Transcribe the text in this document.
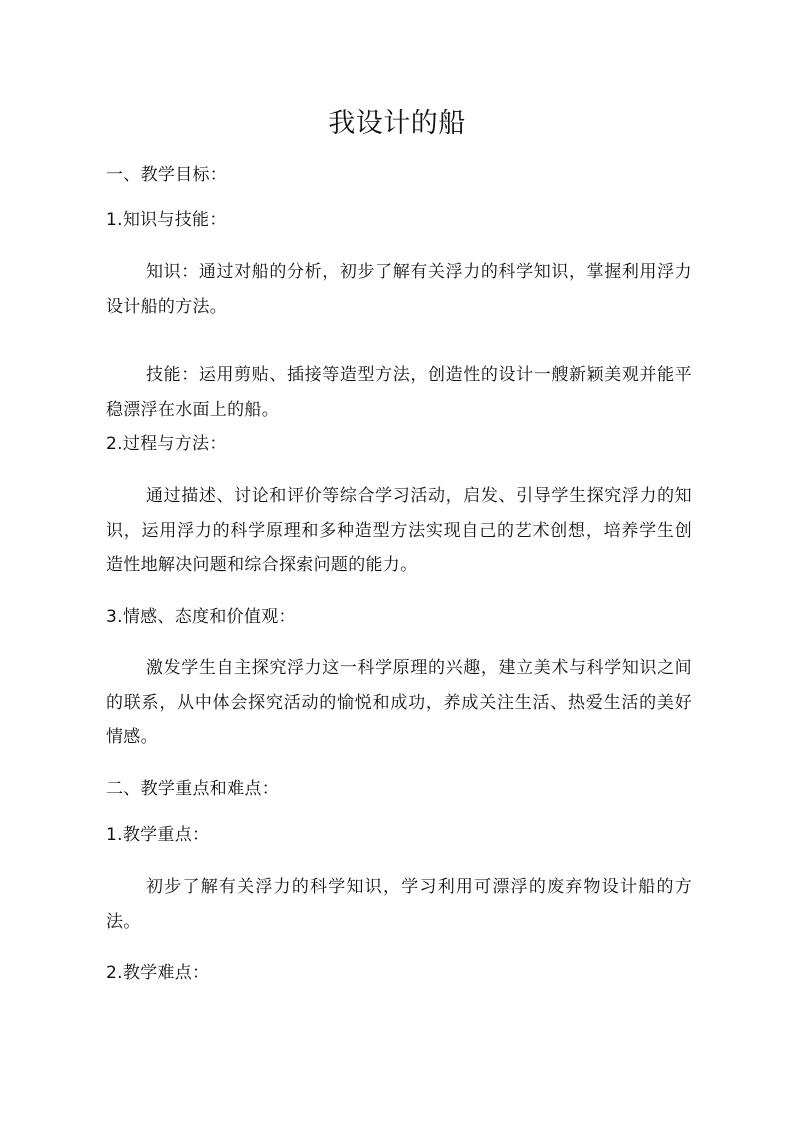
我设计的船
一、教学目标：
1.知识与技能：
知识：通过对船的分析，初步了解有关浮力的科学知识，掌握利用浮力设计船的方法。
技能：运用剪贴、插接等造型方法，创造性的设计一艘新颖美观并能平稳漂浮在水面上的船。
2.过程与方法：
通过描述、讨论和评价等综合学习活动，启发、引导学生探究浮力的知识，运用浮力的科学原理和多种造型方法实现自己的艺术创想，培养学生创造性地解决问题和综合探索问题的能力。
3.情感、态度和价值观：
激发学生自主探究浮力这一科学原理的兴趣，建立美术与科学知识之间的联系，从中体会探究活动的愉悦和成功，养成关注生活、热爱生活的美好情感。
二、教学重点和难点：
1.教学重点：
初步了解有关浮力的科学知识，学习利用可漂浮的废弃物设计船的方法。
2.教学难点：
